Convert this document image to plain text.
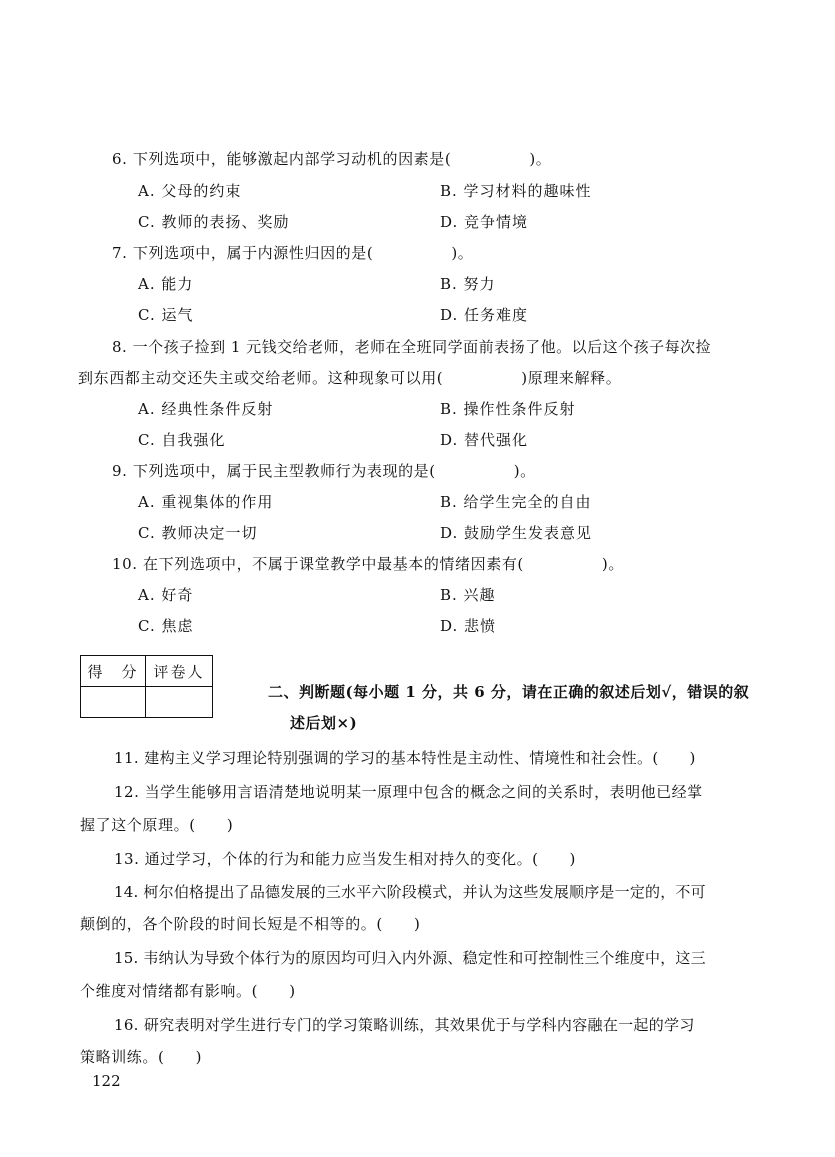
6. 下列选项中，能够激起内部学习动机的因素是(　　　　　)。
A. 父母的约束	B. 学习材料的趣味性
C. 教师的表扬、奖励	D. 竞争情境
7. 下列选项中，属于内源性归因的是(　　　　　)。
A. 能力	B. 努力
C. 运气	D. 任务难度
8. 一个孩子捡到 1 元钱交给老师，老师在全班同学面前表扬了他。以后这个孩子每次捡
到东西都主动交还失主或交给老师。这种现象可以用(　　　　　)原理来解释。
A. 经典性条件反射	B. 操作性条件反射
C. 自我强化	D. 替代强化
9. 下列选项中，属于民主型教师行为表现的是(　　　　　)。
A. 重视集体的作用	B. 给学生完全的自由
C. 教师决定一切	D. 鼓励学生发表意见
10. 在下列选项中，不属于课堂教学中最基本的情绪因素有(　　　　　)。
A. 好奇	B. 兴趣
C. 焦虑	D. 悲愤
得　分	评卷人

二、判断题(每小题 1 分，共 6 分，请在正确的叙述后划√，错误的叙
述后划×)
11. 建构主义学习理论特别强调的学习的基本特性是主动性、情境性和社会性。(　　)
12. 当学生能够用言语清楚地说明某一原理中包含的概念之间的关系时，表明他已经掌
握了这个原理。(　　)
13. 通过学习，个体的行为和能力应当发生相对持久的变化。(　　)
14. 柯尔伯格提出了品德发展的三水平六阶段模式，并认为这些发展顺序是一定的，不可
颠倒的，各个阶段的时间长短是不相等的。(　　)
15. 韦纳认为导致个体行为的原因均可归入内外源、稳定性和可控制性三个维度中，这三
个维度对情绪都有影响。(　　)
16. 研究表明对学生进行专门的学习策略训练，其效果优于与学科内容融在一起的学习
策略训练。(　　)
122
